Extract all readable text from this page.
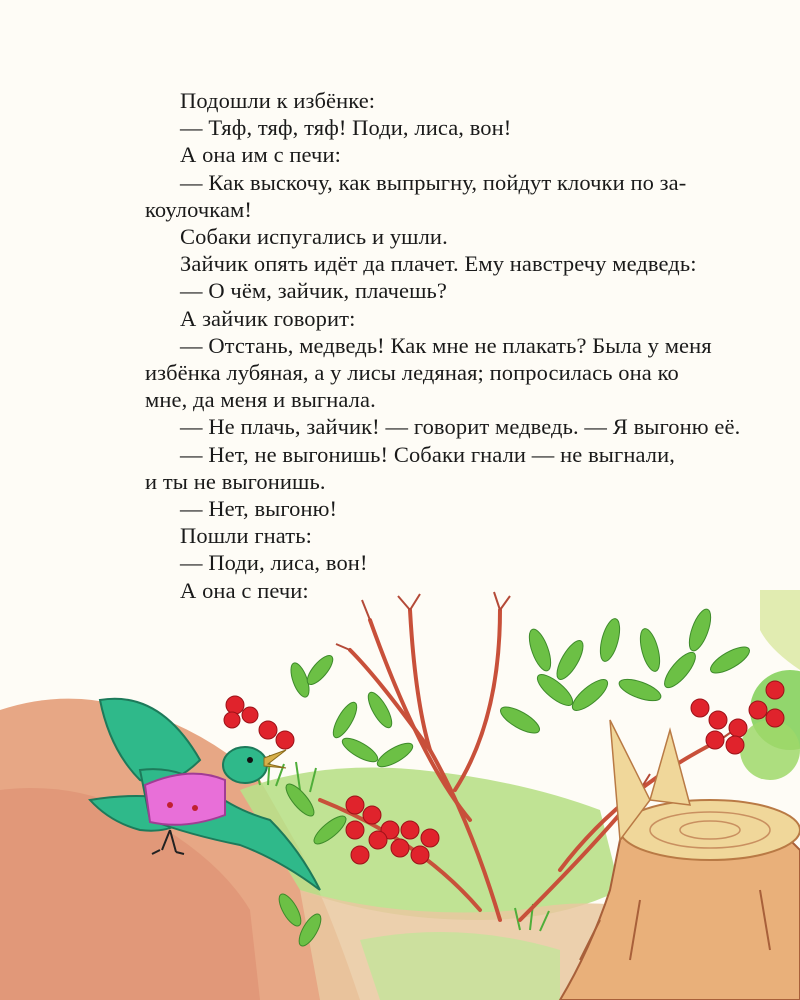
Подошли к избёнке:

— Тяф, тяф, тяф! Поди, лиса, вон!

А она им с печи:

— Как выскочу, как выпрыгну, пойдут клочки по за-

коулочкам!

Собаки испугались и ушли.

Зайчик опять идёт да плачет. Ему навстречу медведь:

— О чём, зайчик, плачешь?

А зайчик говорит:

— Отстань, медведь! Как мне не плакать? Была у меня

избёнка лубяная, а у лисы ледяная; попросилась она ко

мне, да меня и выгнала.

— Не плачь, зайчик! — говорит медведь. — Я выгоню её.

— Нет, не выгонишь! Собаки гнали — не выгнали,

и ты не выгонишь.

— Нет, выгоню!

Пошли гнать:

— Поди, лиса, вон!

А она с печи:
